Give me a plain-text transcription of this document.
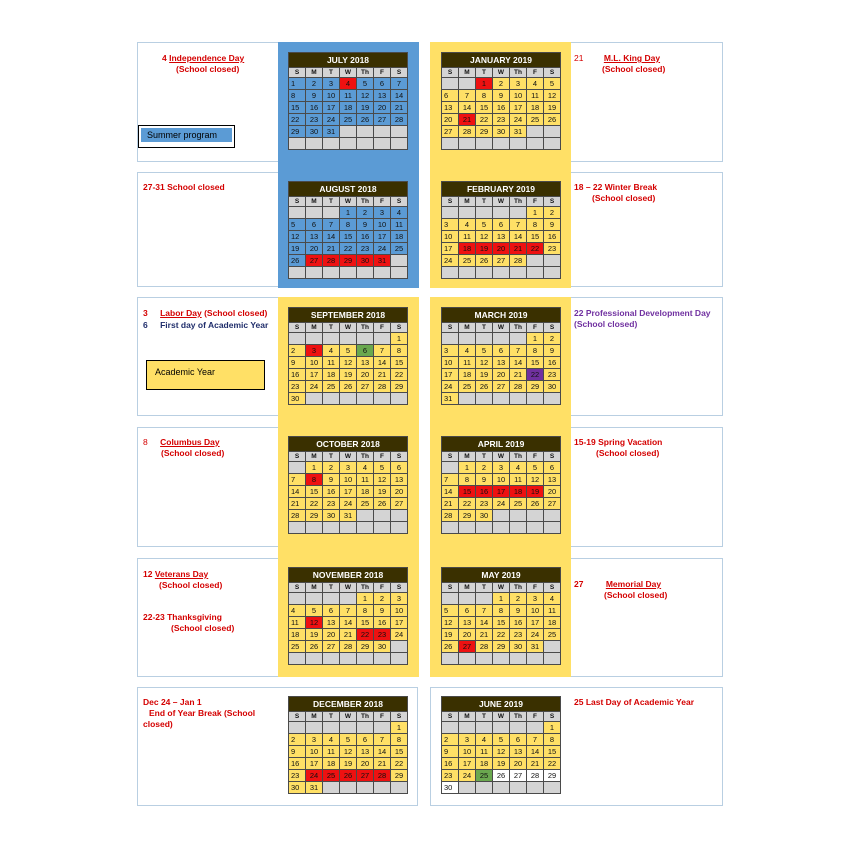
JULY 2018						
S	M	T	W	Th	F	S
1	2	3	4	5	6	7
8	9	10	11	12	13	14
15	16	17	18	19	20	21
22	23	24	25	26	27	28
29	30	31				

AUGUST 2018						
S	M	T	W	Th	F	S
			1	2	3	4
5	6	7	8	9	10	11
12	13	14	15	16	17	18
19	20	21	22	23	24	25
26	27	28	29	30	31	

SEPTEMBER 2018						
S	M	T	W	Th	F	S
						1
2	3	4	5	6	7	8
9	10	11	12	13	14	15
16	17	18	19	20	21	22
23	24	25	26	27	28	29
30						
OCTOBER 2018						
S	M	T	W	Th	F	S
	1	2	3	4	5	6
7	8	9	10	11	12	13
14	15	16	17	18	19	20
21	22	23	24	25	26	27
28	29	30	31			

NOVEMBER 2018						
S	M	T	W	Th	F	S
				1	2	3
4	5	6	7	8	9	10
11	12	13	14	15	16	17
18	19	20	21	22	23	24
25	26	27	28	29	30	

DECEMBER 2018						
S	M	T	W	Th	F	S
						1
2	3	4	5	6	7	8
9	10	11	12	13	14	15
16	17	18	19	20	21	22
23	24	25	26	27	28	29
30	31					
JANUARY 2019						
S	M	T	W	Th	F	S
		1	2	3	4	5
6	7	8	9	10	11	12
13	14	15	16	17	18	19
20	21	22	23	24	25	26
27	28	29	30	31		

FEBRUARY 2019						
S	M	T	W	Th	F	S
					1	2
3	4	5	6	7	8	9
10	11	12	13	14	15	16
17	18	19	20	21	22	23
24	25	26	27	28		

MARCH 2019						
S	M	T	W	Th	F	S
					1	2
3	4	5	6	7	8	9
10	11	12	13	14	15	16
17	18	19	20	21	22	23
24	25	26	27	28	29	30
31						
APRIL 2019						
S	M	T	W	Th	F	S
	1	2	3	4	5	6
7	8	9	10	11	12	13
14	15	16	17	18	19	20
21	22	23	24	25	26	27
28	29	30				

MAY 2019						
S	M	T	W	Th	F	S
			1	2	3	4
5	6	7	8	9	10	11
12	13	14	15	16	17	18
19	20	21	22	23	24	25
26	27	28	29	30	31	

JUNE 2019						
S	M	T	W	Th	F	S
						1
2	3	4	5	6	7	8
9	10	11	12	13	14	15
16	17	18	19	20	21	22
23	24	25	26	27	28	29
30						
Summer program
Academic Year
4 Independence Day
(School closed)
21 M.L. King Day
(School closed)
27-31 School closed	18 – 22 Winter Break
(School closed)
3 Labor Day (School closed)
6 First day of Academic Year
22 Professional Development Day
(School closed)
8 Columbus Day
(School closed)
15-19 Spring Vacation
(School closed)
12 Veterans Day
(School closed)
22-23 Thanksgiving
(School closed)
27	Memorial Day
(School closed)
Dec 24 – Jan 1
End of Year Break (School
closed)
25 Last Day of Academic Year
